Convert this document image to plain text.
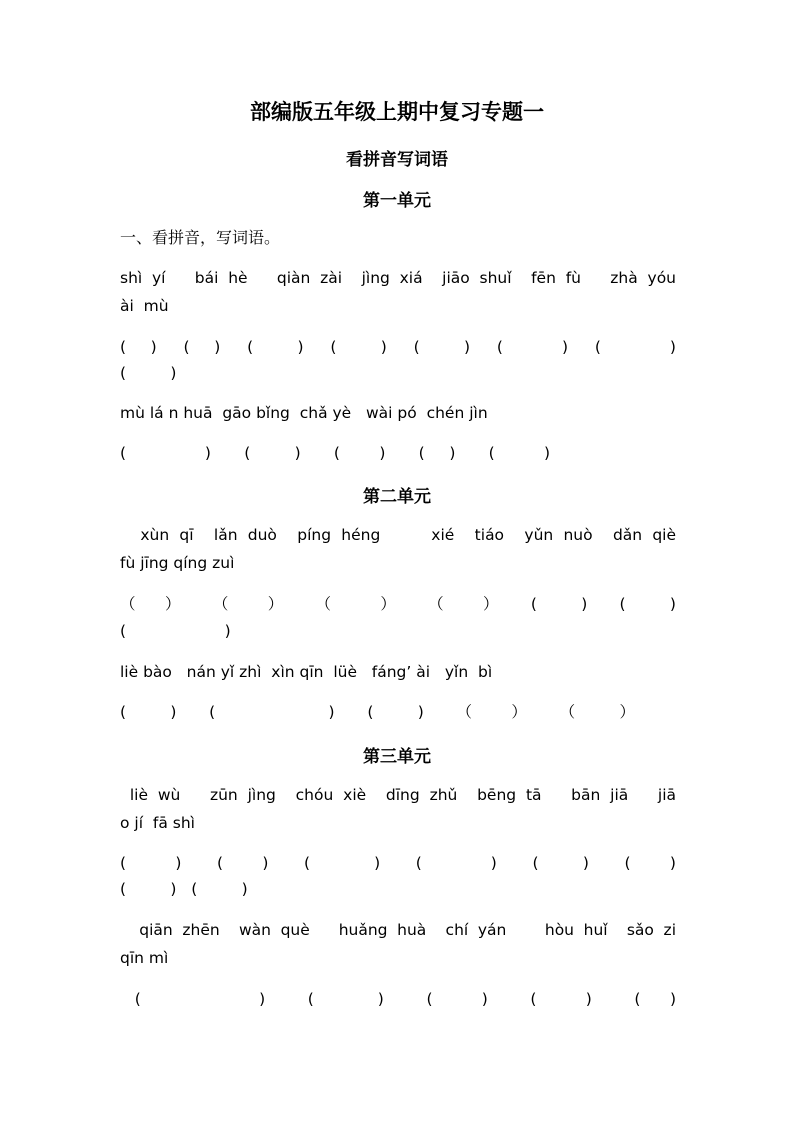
部编版五年级上期中复习专题一
看拼音写词语
第一单元
一、看拼音，写词语。
shì yí   bái hè   qiàn zài  jìng xiá  jiāo shuǐ  fēn fù   zhà yóu
ài  mù
(     ) (     ) (         ) (         ) (         ) (            ) (              )
(         )
mù lá n huā  gāo bǐng  chǎ yè   wài pó  chén jìn
(                ) (         ) (        ) (     ) (          )
第二单元
xùn qī  lǎn duò  píng héng     xié  tiáo  yǔn nuò  dǎn qiè
fù jīng qíng zuì
（      ） （        ） （          ） （        ） (         ) (         )
(                    )
liè bào   nán yǐ zhì  xìn qīn  lüè   fáng’ ài   yǐn  bì
(         ) (                       ) (         ) （        ） （         ）
第三单元
liè wù   zūn jìng  chóu xiè  dīng zhǔ  bēng tā   bān jiā   jiā
o jí  fā shì
(          ) (        ) (             ) (              ) (         ) (        )
(         )   (         )
qiān zhēn  wàn què   huǎng huà  chí yán    hòu huǐ  sǎo zi
qīn mì
(                        )	(             )	(          )	(          )	(      )
